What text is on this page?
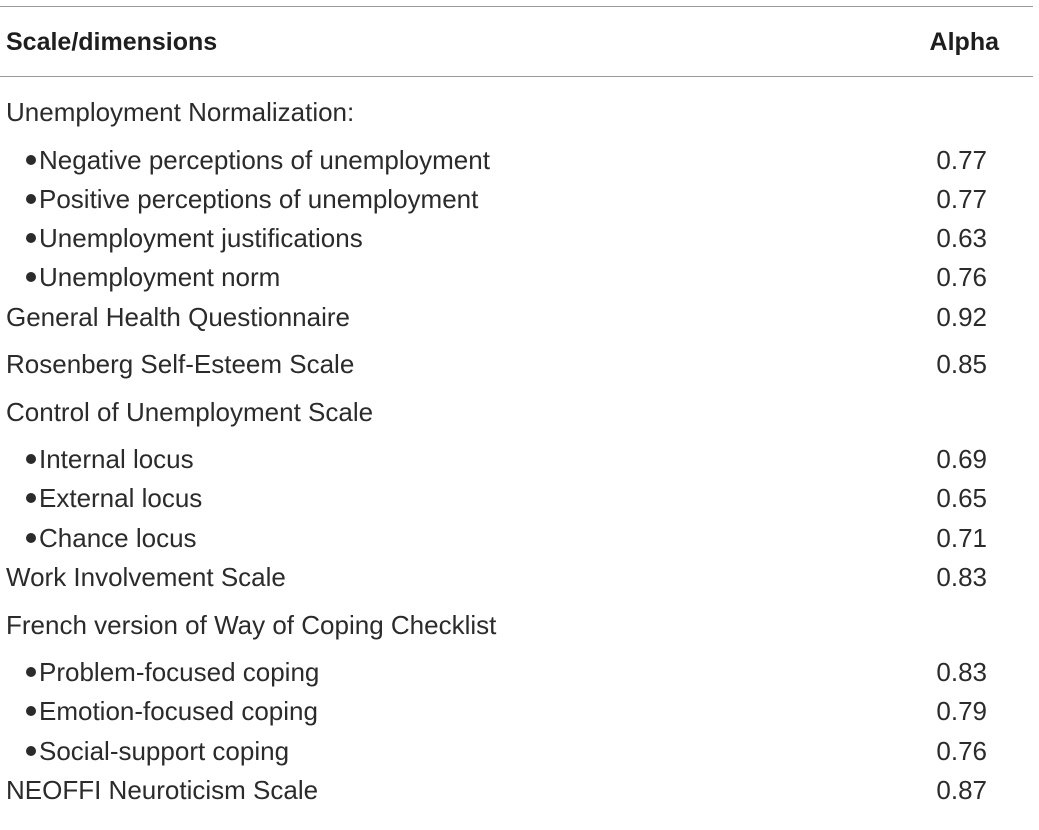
Scale/dimensions	Alpha
Unemployment Normalization:
Negative perceptions of unemployment	0.77
Positive perceptions of unemployment	0.77
Unemployment justifications	0.63
Unemployment norm	0.76
General Health Questionnaire	0.92
Rosenberg Self-Esteem Scale	0.85
Control of Unemployment Scale
Internal locus	0.69
External locus	0.65
Chance locus	0.71
Work Involvement Scale	0.83
French version of Way of Coping Checklist
Problem-focused coping	0.83
Emotion-focused coping	0.79
Social-support coping	0.76
NEOFFI Neuroticism Scale	0.87
